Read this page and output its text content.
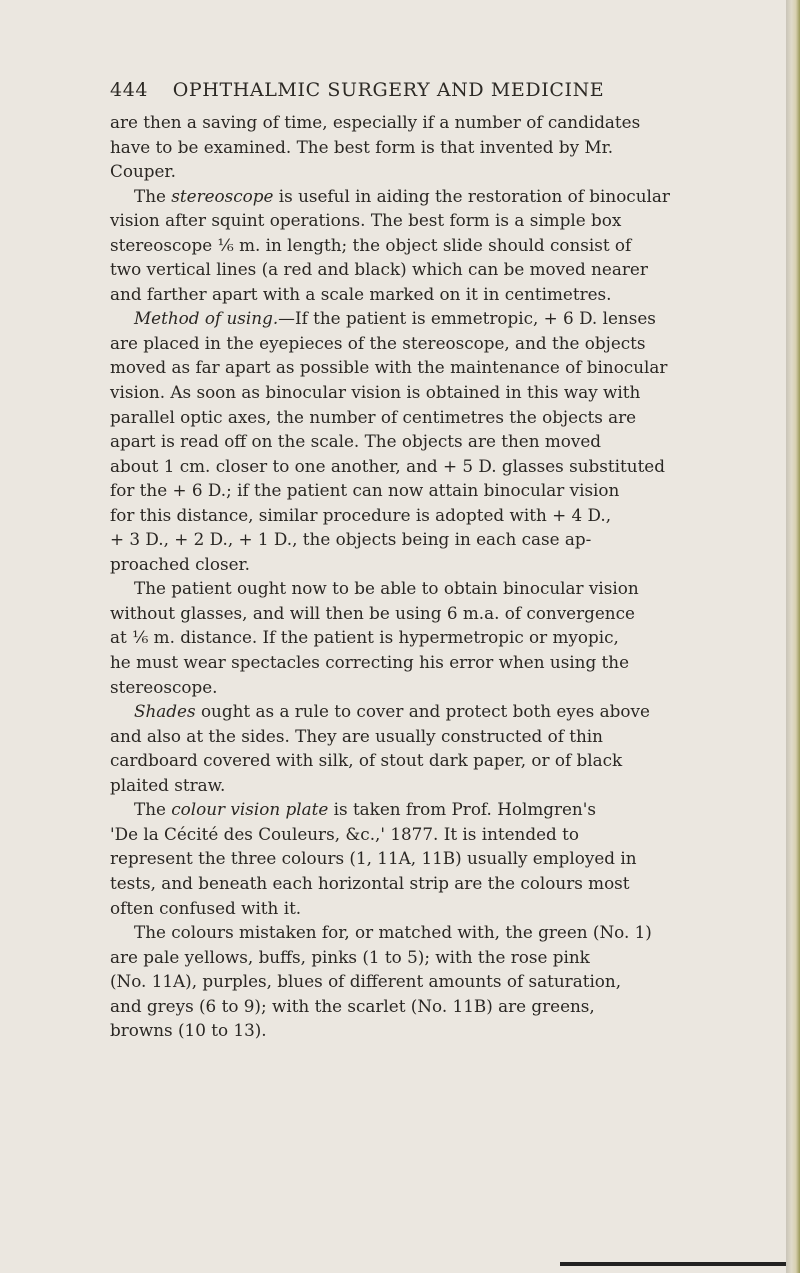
444 OPHTHALMIC SURGERY AND MEDICINE
are then a saving of time, especially if a number of candidates
have to be examined. The best form is that invented by Mr.
Couper.
The stereoscope is useful in aiding the restoration of binocular
vision after squint operations. The best form is a simple box
stereoscope ⅙ m. in length; the object slide should consist of
two vertical lines (a red and black) which can be moved nearer
and farther apart with a scale marked on it in centimetres.
Method of using.—If the patient is emmetropic, + 6 D. lenses
are placed in the eyepieces of the stereoscope, and the objects
moved as far apart as possible with the maintenance of binocular
vision. As soon as binocular vision is obtained in this way with
parallel optic axes, the number of centimetres the objects are
apart is read off on the scale. The objects are then moved
about 1 cm. closer to one another, and + 5 D. glasses substituted
for the + 6 D.; if the patient can now attain binocular vision
for this distance, similar procedure is adopted with + 4 D.,
+ 3 D., + 2 D., + 1 D., the objects being in each case ap-
proached closer.
The patient ought now to be able to obtain binocular vision
without glasses, and will then be using 6 m.a. of convergence
at ⅙ m. distance. If the patient is hypermetropic or myopic,
he must wear spectacles correcting his error when using the
stereoscope.
Shades ought as a rule to cover and protect both eyes above
and also at the sides. They are usually constructed of thin
cardboard covered with silk, of stout dark paper, or of black
plaited straw.
The colour vision plate is taken from Prof. Holmgren's
'De la Cécité des Couleurs, &c.,' 1877. It is intended to
represent the three colours (1, 11A, 11B) usually employed in
tests, and beneath each horizontal strip are the colours most
often confused with it.
The colours mistaken for, or matched with, the green (No. 1)
are pale yellows, buffs, pinks (1 to 5); with the rose pink
(No. 11A), purples, blues of different amounts of saturation,
and greys (6 to 9); with the scarlet (No. 11B) are greens,
browns (10 to 13).
